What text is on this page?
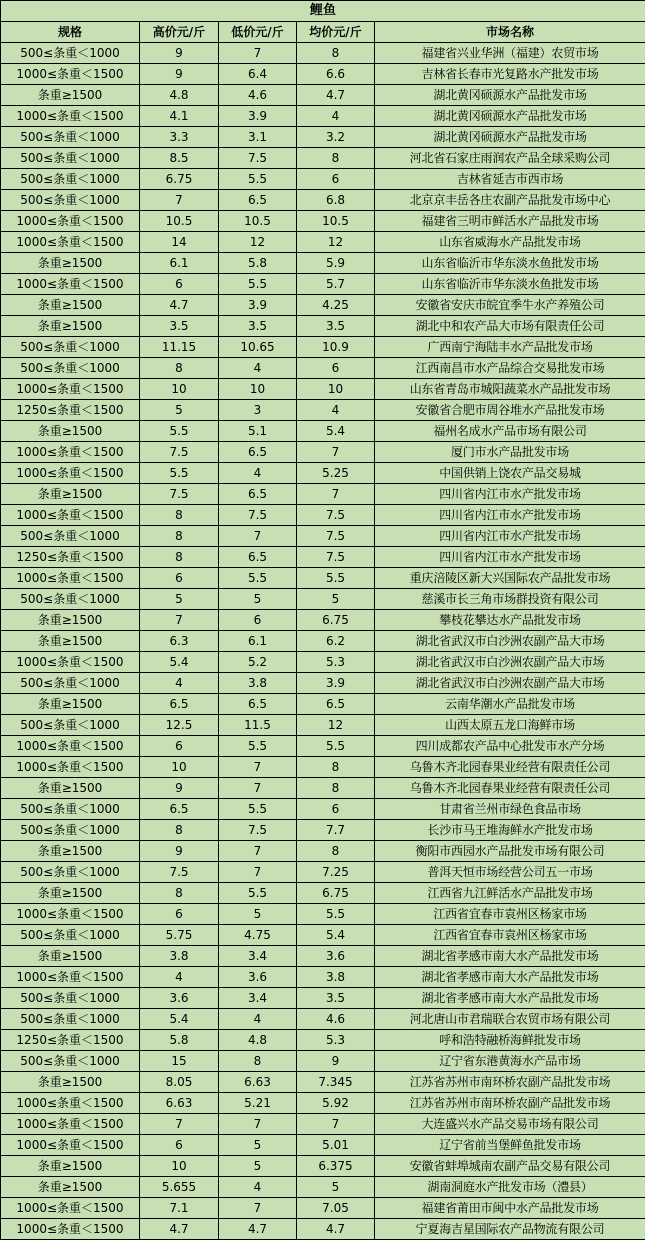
鲤鱼				
规格	高价元/斤	低价元/斤	均价元/斤	市场名称
500≤条重＜1000	9	7	8	福建省兴业华洲（福建）农贸市场
1000≤条重＜1500	9	6.4	6.6	吉林省长春市光复路水产批发市场
条重≥1500	4.8	4.6	4.7	湖北黄冈硕源水产品批发市场
1000≤条重＜1500	4.1	3.9	4	湖北黄冈硕源水产品批发市场
500≤条重＜1000	3.3	3.1	3.2	湖北黄冈硕源水产品批发市场
500≤条重＜1000	8.5	7.5	8	河北省石家庄雨润农产品全球采购公司
500≤条重＜1000	6.75	5.5	6	吉林省延吉市西市场
500≤条重＜1000	7	6.5	6.8	北京京丰岳各庄农副产品批发市场中心
1000≤条重＜1500	10.5	10.5	10.5	福建省三明市鲜活水产品批发市场
1000≤条重＜1500	14	12	12	山东省威海水产品批发市场
条重≥1500	6.1	5.8	5.9	山东省临沂市华东淡水鱼批发市场
1000≤条重＜1500	6	5.5	5.7	山东省临沂市华东淡水鱼批发市场
条重≥1500	4.7	3.9	4.25	安徽省安庆市皖宜季牛水产养殖公司
条重≥1500	3.5	3.5	3.5	湖北中和农产品大市场有限责任公司
500≤条重＜1000	11.15	10.65	10.9	广西南宁海陆丰水产品批发市场
500≤条重＜1000	8	4	6	江西南昌市水产品综合交易批发市场
1000≤条重＜1500	10	10	10	山东省青岛市城阳蔬菜水产品批发市场
1250≤条重＜1500	5	3	4	安徽省合肥市周谷堆水产品批发市场
条重≥1500	5.5	5.1	5.4	福州名成水产品市场有限公司
1000≤条重＜1500	7.5	6.5	7	厦门市水产品批发市场
1000≤条重＜1500	5.5	4	5.25	中国供销上饶农产品交易城
条重≥1500	7.5	6.5	7	四川省内江市水产批发市场
1000≤条重＜1500	8	7.5	7.5	四川省内江市水产批发市场
500≤条重＜1000	8	7	7.5	四川省内江市水产批发市场
1250≤条重＜1500	8	6.5	7.5	四川省内江市水产批发市场
1000≤条重＜1500	6	5.5	5.5	重庆涪陵区新大兴国际农产品批发市场
500≤条重＜1000	5	5	5	慈溪市长三角市场群投资有限公司
条重≥1500	7	6	6.75	攀枝花攀达水产品批发市场
条重≥1500	6.3	6.1	6.2	湖北省武汉市白沙洲农副产品大市场
1000≤条重＜1500	5.4	5.2	5.3	湖北省武汉市白沙洲农副产品大市场
500≤条重＜1000	4	3.8	3.9	湖北省武汉市白沙洲农副产品大市场
条重≥1500	6.5	6.5	6.5	云南华潮水产品批发市场
500≤条重＜1000	12.5	11.5	12	山西太原五龙口海鲜市场
1000≤条重＜1500	6	5.5	5.5	四川成都农产品中心批发市水产分场
1000≤条重＜1500	10	7	8	乌鲁木齐北园春果业经营有限责任公司
条重≥1500	9	7	8	乌鲁木齐北园春果业经营有限责任公司
500≤条重＜1000	6.5	5.5	6	甘肃省兰州市绿色食品市场
500≤条重＜1000	8	7.5	7.7	长沙市马王堆海鲜水产批发市场
条重≥1500	9	7	8	衡阳市西园水产品批发市场有限公司
500≤条重＜1000	7.5	7	7.25	普洱天恒市场经营公司五一市场
条重≥1500	8	5.5	6.75	江西省九江鲜活水产品批发市场
1000≤条重＜1500	6	5	5.5	江西省宜春市袁州区杨家市场
500≤条重＜1000	5.75	4.75	5.4	江西省宜春市袁州区杨家市场
条重≥1500	3.8	3.4	3.6	湖北省孝感市南大水产品批发市场
1000≤条重＜1500	4	3.6	3.8	湖北省孝感市南大水产品批发市场
500≤条重＜1000	3.6	3.4	3.5	湖北省孝感市南大水产品批发市场
500≤条重＜1000	5.4	4	4.6	河北唐山市君瑞联合农贸市场有限公司
1250≤条重＜1500	5.8	4.8	5.3	呼和浩特融桥海鲜批发市场
500≤条重＜1000	15	8	9	辽宁省东港黄海水产品市场
条重≥1500	8.05	6.63	7.345	江苏省苏州市南环桥农副产品批发市场
1000≤条重＜1500	6.63	5.21	5.92	江苏省苏州市南环桥农副产品批发市场
1000≤条重＜1500	7	7	7	大连盛兴水产品交易市场有限公司
1000≤条重＜1500	6	5	5.01	辽宁省前当堡鲜鱼批发市场
条重≥1500	10	5	6.375	安徽省蚌埠城南农副产品交易有限公司
条重≥1500	5.655	4	5	湖南洞庭水产批发市场（澧县）
1000≤条重＜1500	7.1	7	7.05	福建省莆田市闽中水产品批发市场
1000≤条重＜1500	4.7	4.7	4.7	宁夏海吉星国际农产品物流有限公司
